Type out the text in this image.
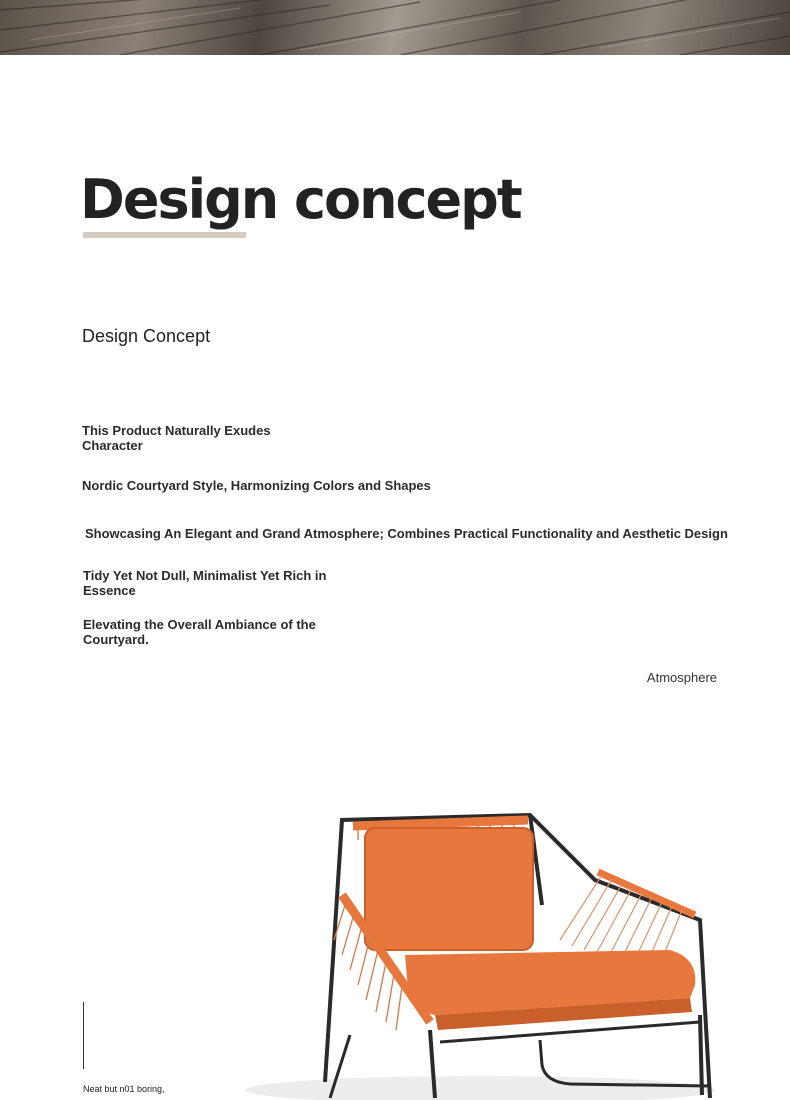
Design concept
Design Concept
This Product Naturally Exudes Character
Nordic Courtyard Style, Harmonizing Colors and Shapes
Showcasing An Elegant and Grand Atmosphere; Combines Practical Functionality and Aesthetic Design
Tidy Yet Not Dull, Minimalist Yet Rich in Essence
Elevating the Overall Ambiance of the Courtyard.
Atmosphere
Neat but n01 boring,
